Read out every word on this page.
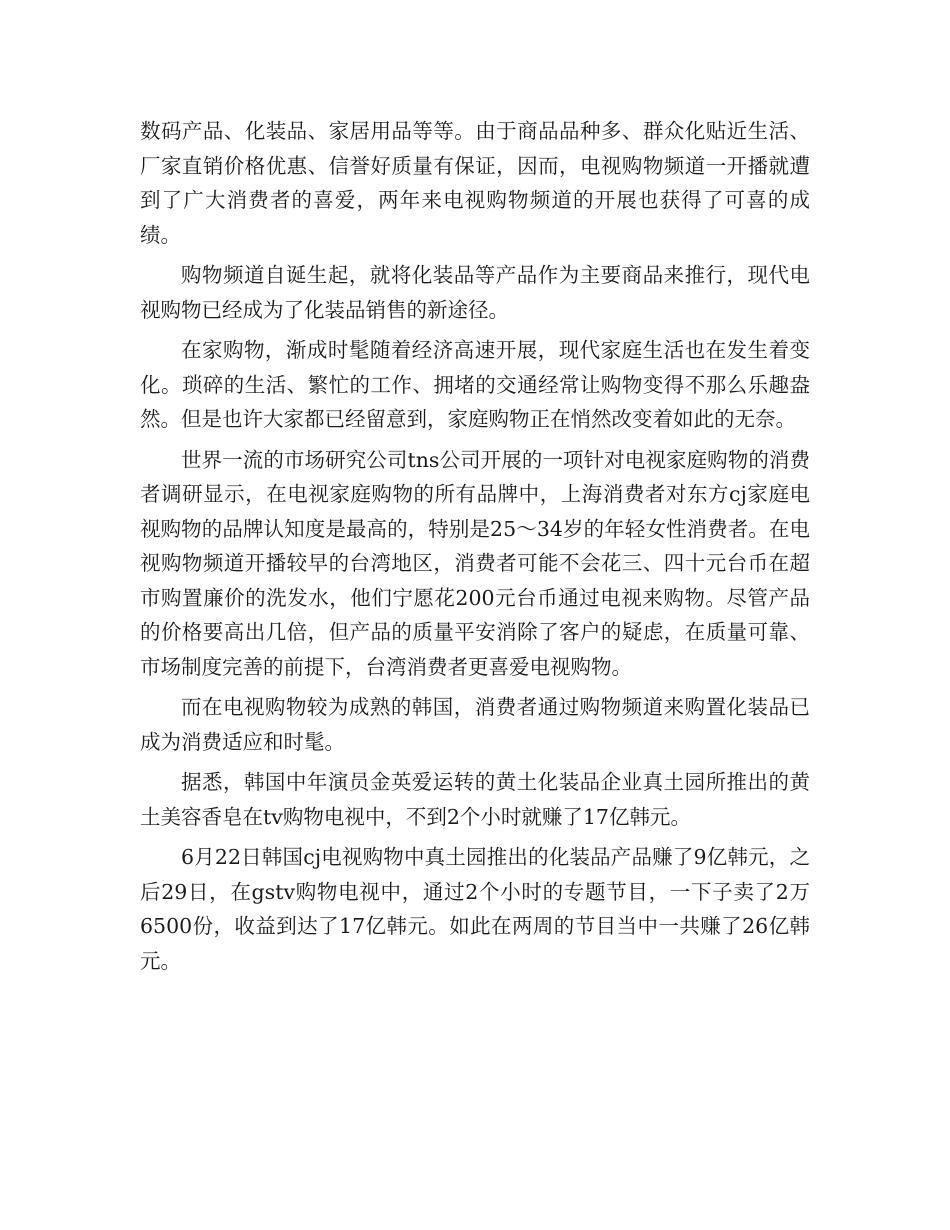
数码产品、化装品、家居用品等等。由于商品品种多、群众化贴近生活、厂家直销价格优惠、信誉好质量有保证，因而，电视购物频道一开播就遭到了广大消费者的喜爱，两年来电视购物频道的开展也获得了可喜的成绩。

购物频道自诞生起，就将化装品等产品作为主要商品来推行，现代电视购物已经成为了化装品销售的新途径。

在家购物，渐成时髦随着经济高速开展，现代家庭生活也在发生着变化。琐碎的生活、繁忙的工作、拥堵的交通经常让购物变得不那么乐趣盎然。但是也许大家都已经留意到，家庭购物正在悄然改变着如此的无奈。

世界一流的市场研究公司tns公司开展的一项针对电视家庭购物的消费者调研显示，在电视家庭购物的所有品牌中，上海消费者对东方cj家庭电视购物的品牌认知度是最高的，特别是25～34岁的年轻女性消费者。在电视购物频道开播较早的台湾地区，消费者可能不会花三、四十元台币在超市购置廉价的洗发水，他们宁愿花200元台币通过电视来购物。尽管产品的价格要高出几倍，但产品的质量平安消除了客户的疑虑，在质量可靠、市场制度完善的前提下，台湾消费者更喜爱电视购物。

而在电视购物较为成熟的韩国，消费者通过购物频道来购置化装品已成为消费适应和时髦。

据悉，韩国中年演员金英爱运转的黄土化装品企业真土园所推出的黄土美容香皂在tv购物电视中，不到2个小时就赚了17亿韩元。

6月22日韩国cj电视购物中真土园推出的化装品产品赚了9亿韩元，之后29日，在gstv购物电视中，通过2个小时的专题节目，一下子卖了2万6500份，收益到达了17亿韩元。如此在两周的节目当中一共赚了26亿韩元。
